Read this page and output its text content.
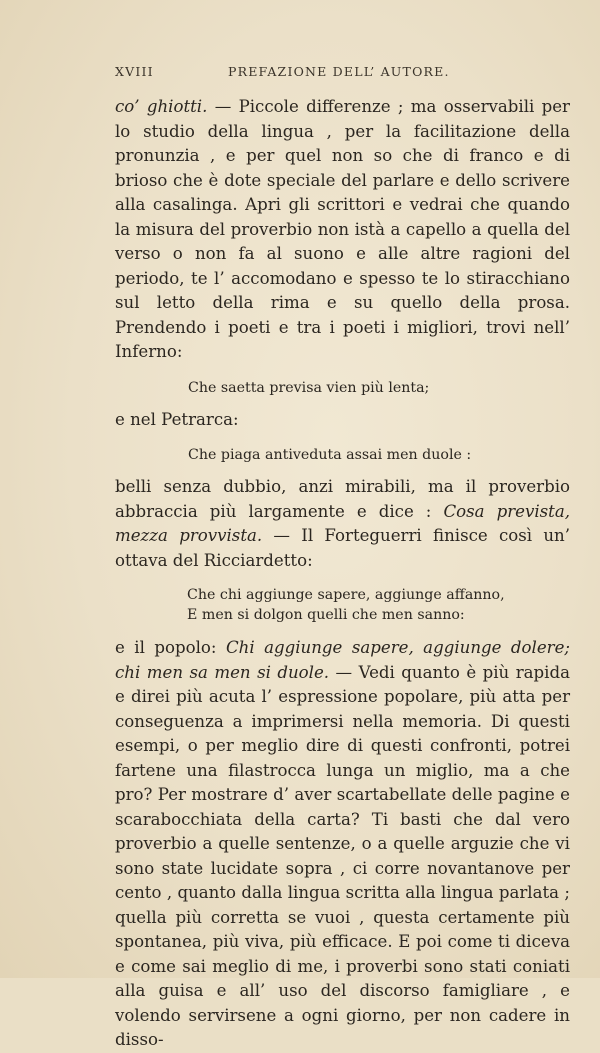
XVIII	PREFAZIONE DELL’ AUTORE.

co’ ghiotti. — Piccole differenze ; ma osservabili per lo studio della lingua , per la facilitazione della pronunzia , e per quel non so che di franco e di brioso che è dote speciale del parlare e dello scrivere alla casalinga. Apri gli scrittori e vedrai che quando la misura del proverbio non istà a capello a quella del verso o non fa al suono e alle altre ragioni del periodo, te l’ accomodano e spesso te lo stiracchiano sul letto della rima e su quello della prosa. Prendendo i poeti e tra i poeti i migliori, trovi nell’ Inferno:

Che saetta previsa vien più lenta;

e nel Petrarca:

Che piaga antiveduta assai men duole :

belli senza dubbio, anzi mirabili, ma il proverbio abbraccia più largamente e dice : Cosa prevista, mezza provvista. — Il Forteguerri finisce così un’ ottava del Ricciardetto:

Che chi aggiunge sapere, aggiunge affanno,
E men si dolgon quelli che men sanno:

e il popolo: Chi aggiunge sapere, aggiunge dolere; chi men sa men si duole. — Vedi quanto è più rapida e direi più acuta l’ espressione popolare, più atta per conseguenza a imprimersi nella memoria. Di questi esempi, o per meglio dire di questi confronti, potrei fartene una filastrocca lunga un miglio, ma a che pro? Per mostrare d’ aver scartabellate delle pagine e scarabocchiata della carta? Ti basti che dal vero proverbio a quelle sentenze, o a quelle arguzie che vi sono state lucidate sopra , ci corre novantanove per cento , quanto dalla lingua scritta alla lingua parlata ; quella più corretta se vuoi , questa certamente più spontanea, più viva, più efficace. E poi come ti diceva e come sai meglio di me, i proverbi sono stati coniati alla guisa e all’ uso del discorso famigliare , e volendo servirsene a ogni giorno, per non cadere in disso-
